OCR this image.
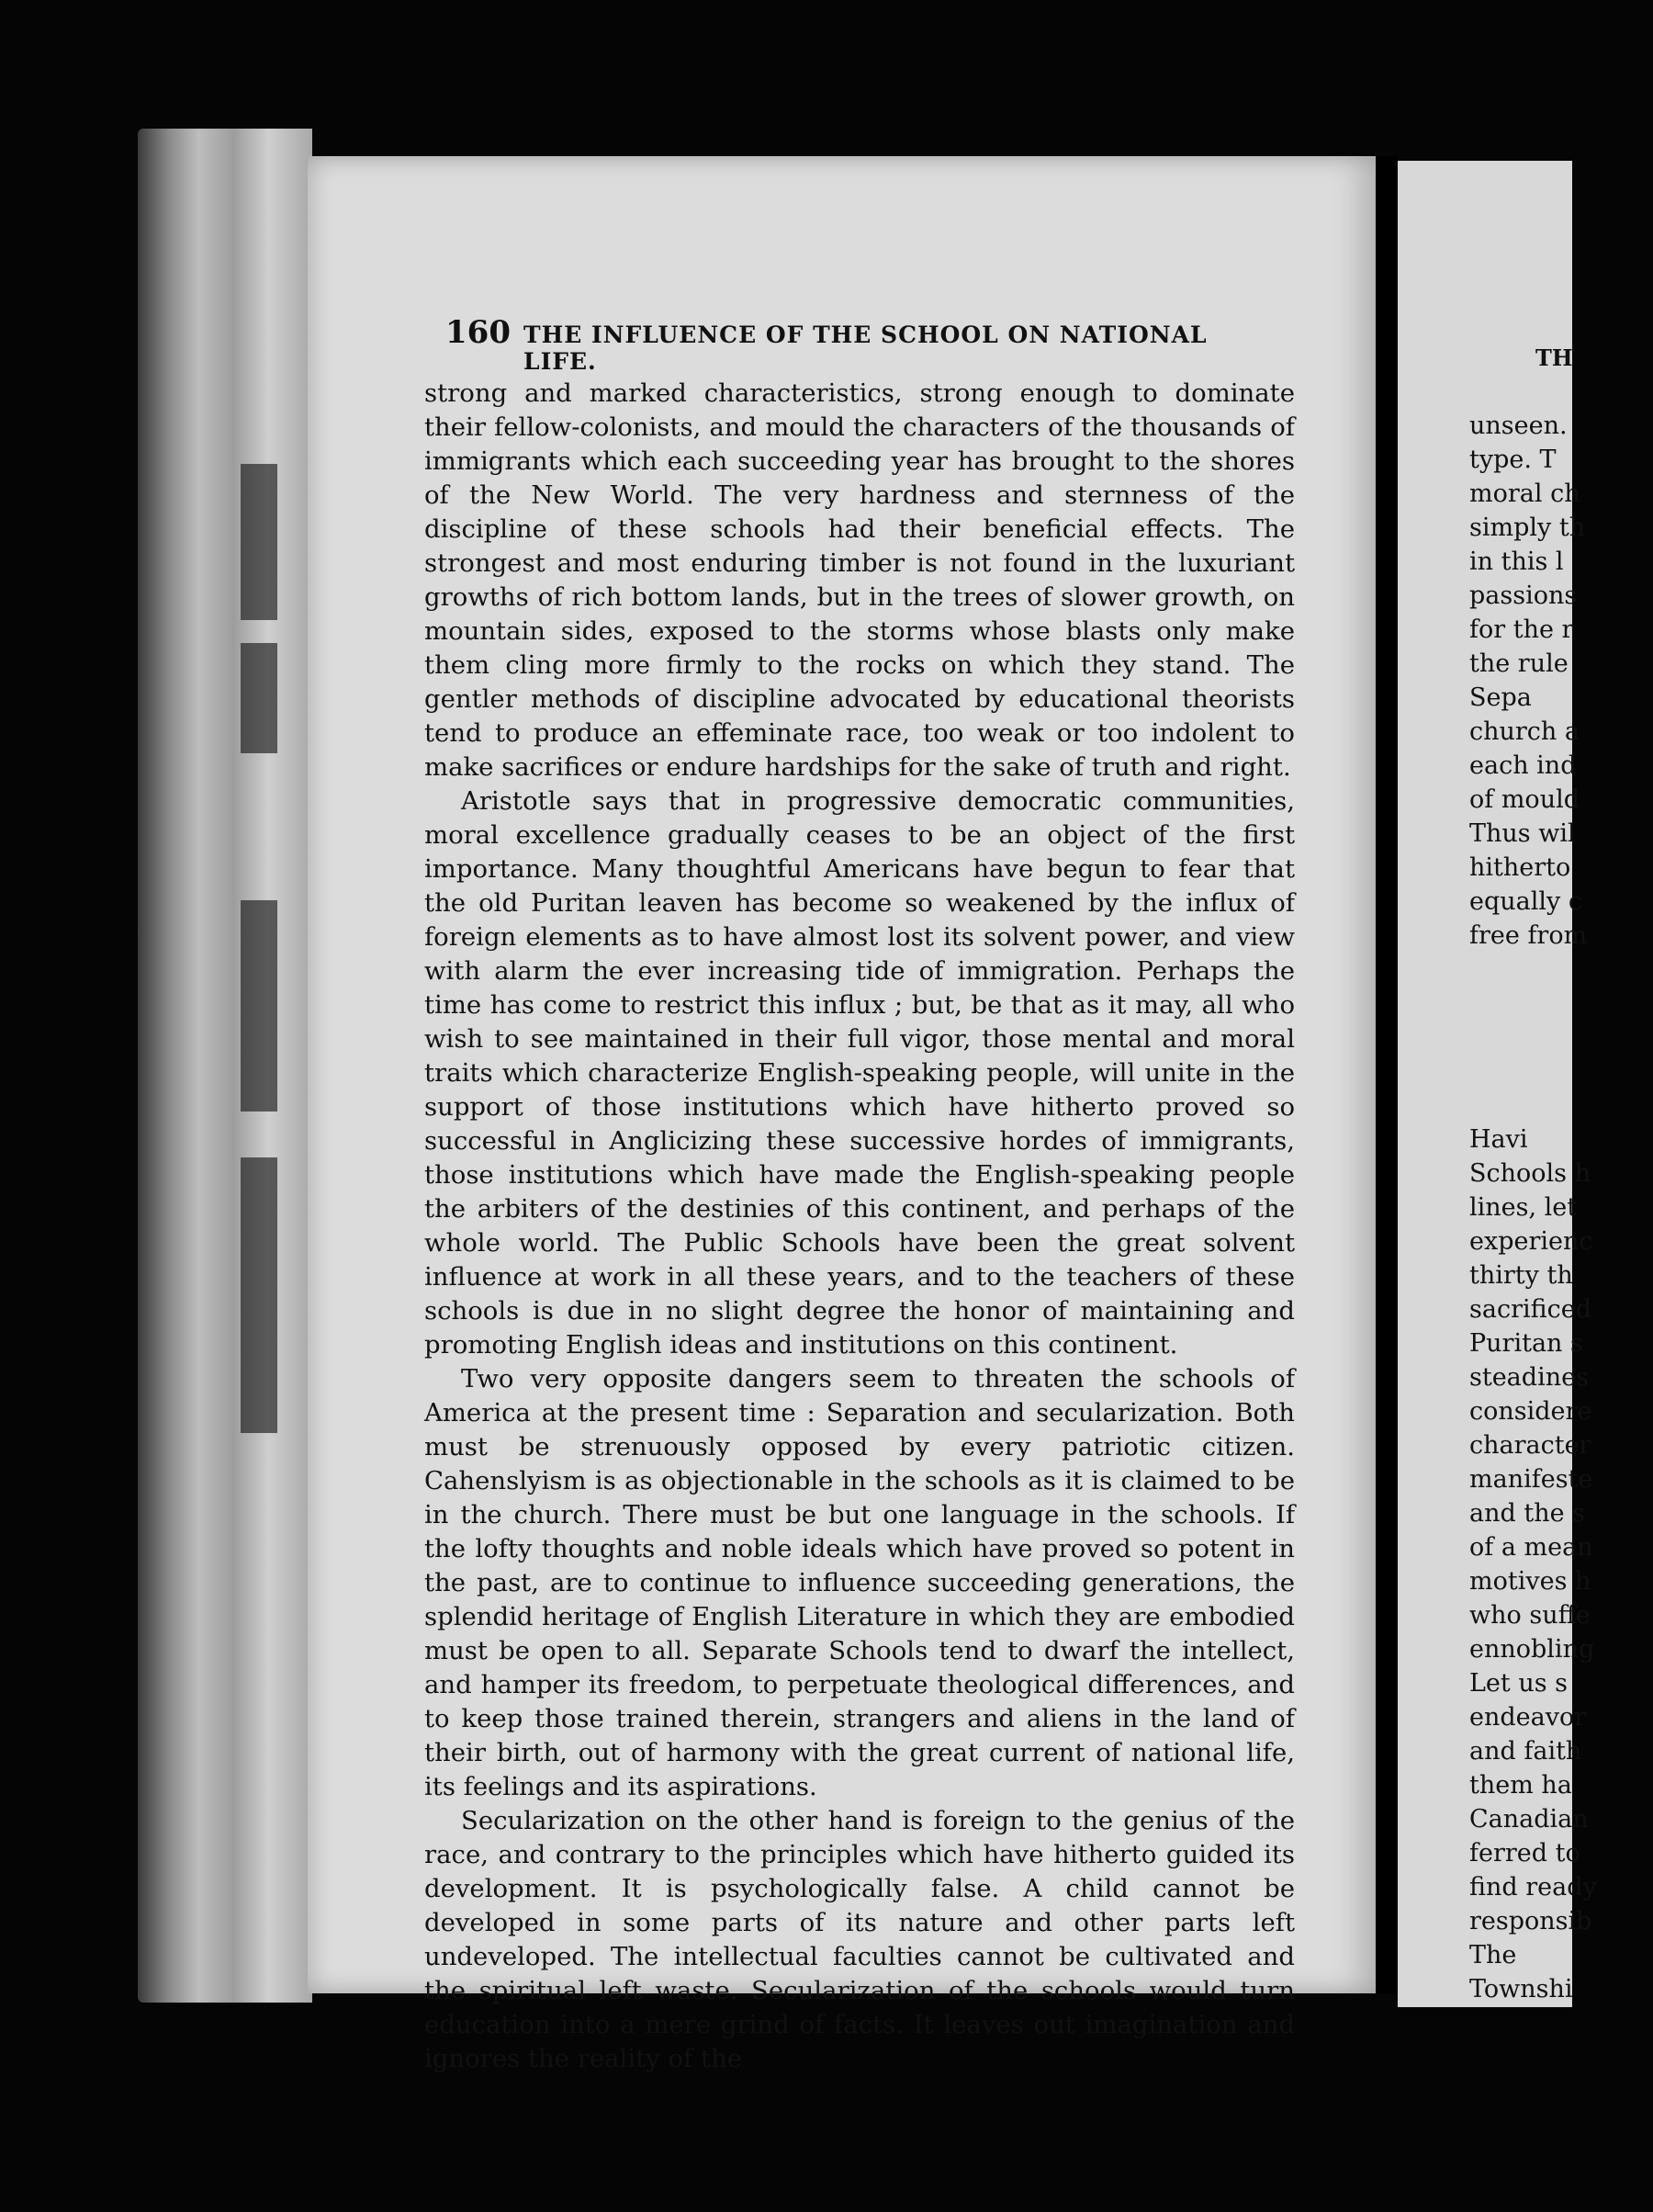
160 THE INFLUENCE OF THE SCHOOL ON NATIONAL LIFE.

strong and marked characteristics, strong enough to dominate their fellow-colonists, and mould the characters of the thousands of immigrants which each succeeding year has brought to the shores of the New World. The very hardness and sternness of the discipline of these schools had their beneficial effects. The strongest and most enduring timber is not found in the luxuriant growths of rich bottom lands, but in the trees of slower growth, on mountain sides, exposed to the storms whose blasts only make them cling more firmly to the rocks on which they stand. The gentler methods of discipline advocated by educational theorists tend to produce an effeminate race, too weak or too indolent to make sacrifices or endure hardships for the sake of truth and right.

Aristotle says that in progressive democratic communities, moral excellence gradually ceases to be an object of the first importance. Many thoughtful Americans have begun to fear that the old Puritan leaven has become so weakened by the influx of foreign elements as to have almost lost its solvent power, and view with alarm the ever increasing tide of immigration. Perhaps the time has come to restrict this influx ; but, be that as it may, all who wish to see maintained in their full vigor, those mental and moral traits which characterize English-speaking people, will unite in the support of those institutions which have hitherto proved so successful in Anglicizing these successive hordes of immigrants, those institutions which have made the English-speaking people the arbiters of the destinies of this continent, and perhaps of the whole world. The Public Schools have been the great solvent influence at work in all these years, and to the teachers of these schools is due in no slight degree the honor of maintaining and promoting English ideas and institutions on this continent.

Two very opposite dangers seem to threaten the schools of America at the present time : Separation and secularization. Both must be strenuously opposed by every patriotic citizen. Cahenslyism is as objectionable in the schools as it is claimed to be in the church. There must be but one language in the schools. If the lofty thoughts and noble ideals which have proved so potent in the past, are to continue to influence succeeding generations, the splendid heritage of English Literature in which they are embodied must be open to all. Separate Schools tend to dwarf the intellect, and hamper its freedom, to perpetuate theological differences, and to keep those trained therein, strangers and aliens in the land of their birth, out of harmony with the great current of national life, its feelings and its aspirations.

Secularization on the other hand is foreign to the genius of the race, and contrary to the principles which have hitherto guided its development. It is psychologically false. A child cannot be developed in some parts of its nature and other parts left undeveloped. The intellectual faculties cannot be cultivated and the spiritual left waste. Secularization of the schools would turn education into a mere grind of facts. It leaves out imagination and ignores the reality of the

TH
unseen.
type. T
moral ch
simply th
in this l
passions
for the r
the rule
Sepa
church a
each ind
of mould
Thus wil
hitherto
equally c
free from
Havi
Schools h
lines, let
experienc
thirty th
sacrificed
Puritan s
steadines
considere
character
manifeste
and the s
of a mean
motives h
who suffe
ennobling
Let us s
endeavor
and faith
them ha
Canadian
ferred to
find ready
responsib
The
Townshi
